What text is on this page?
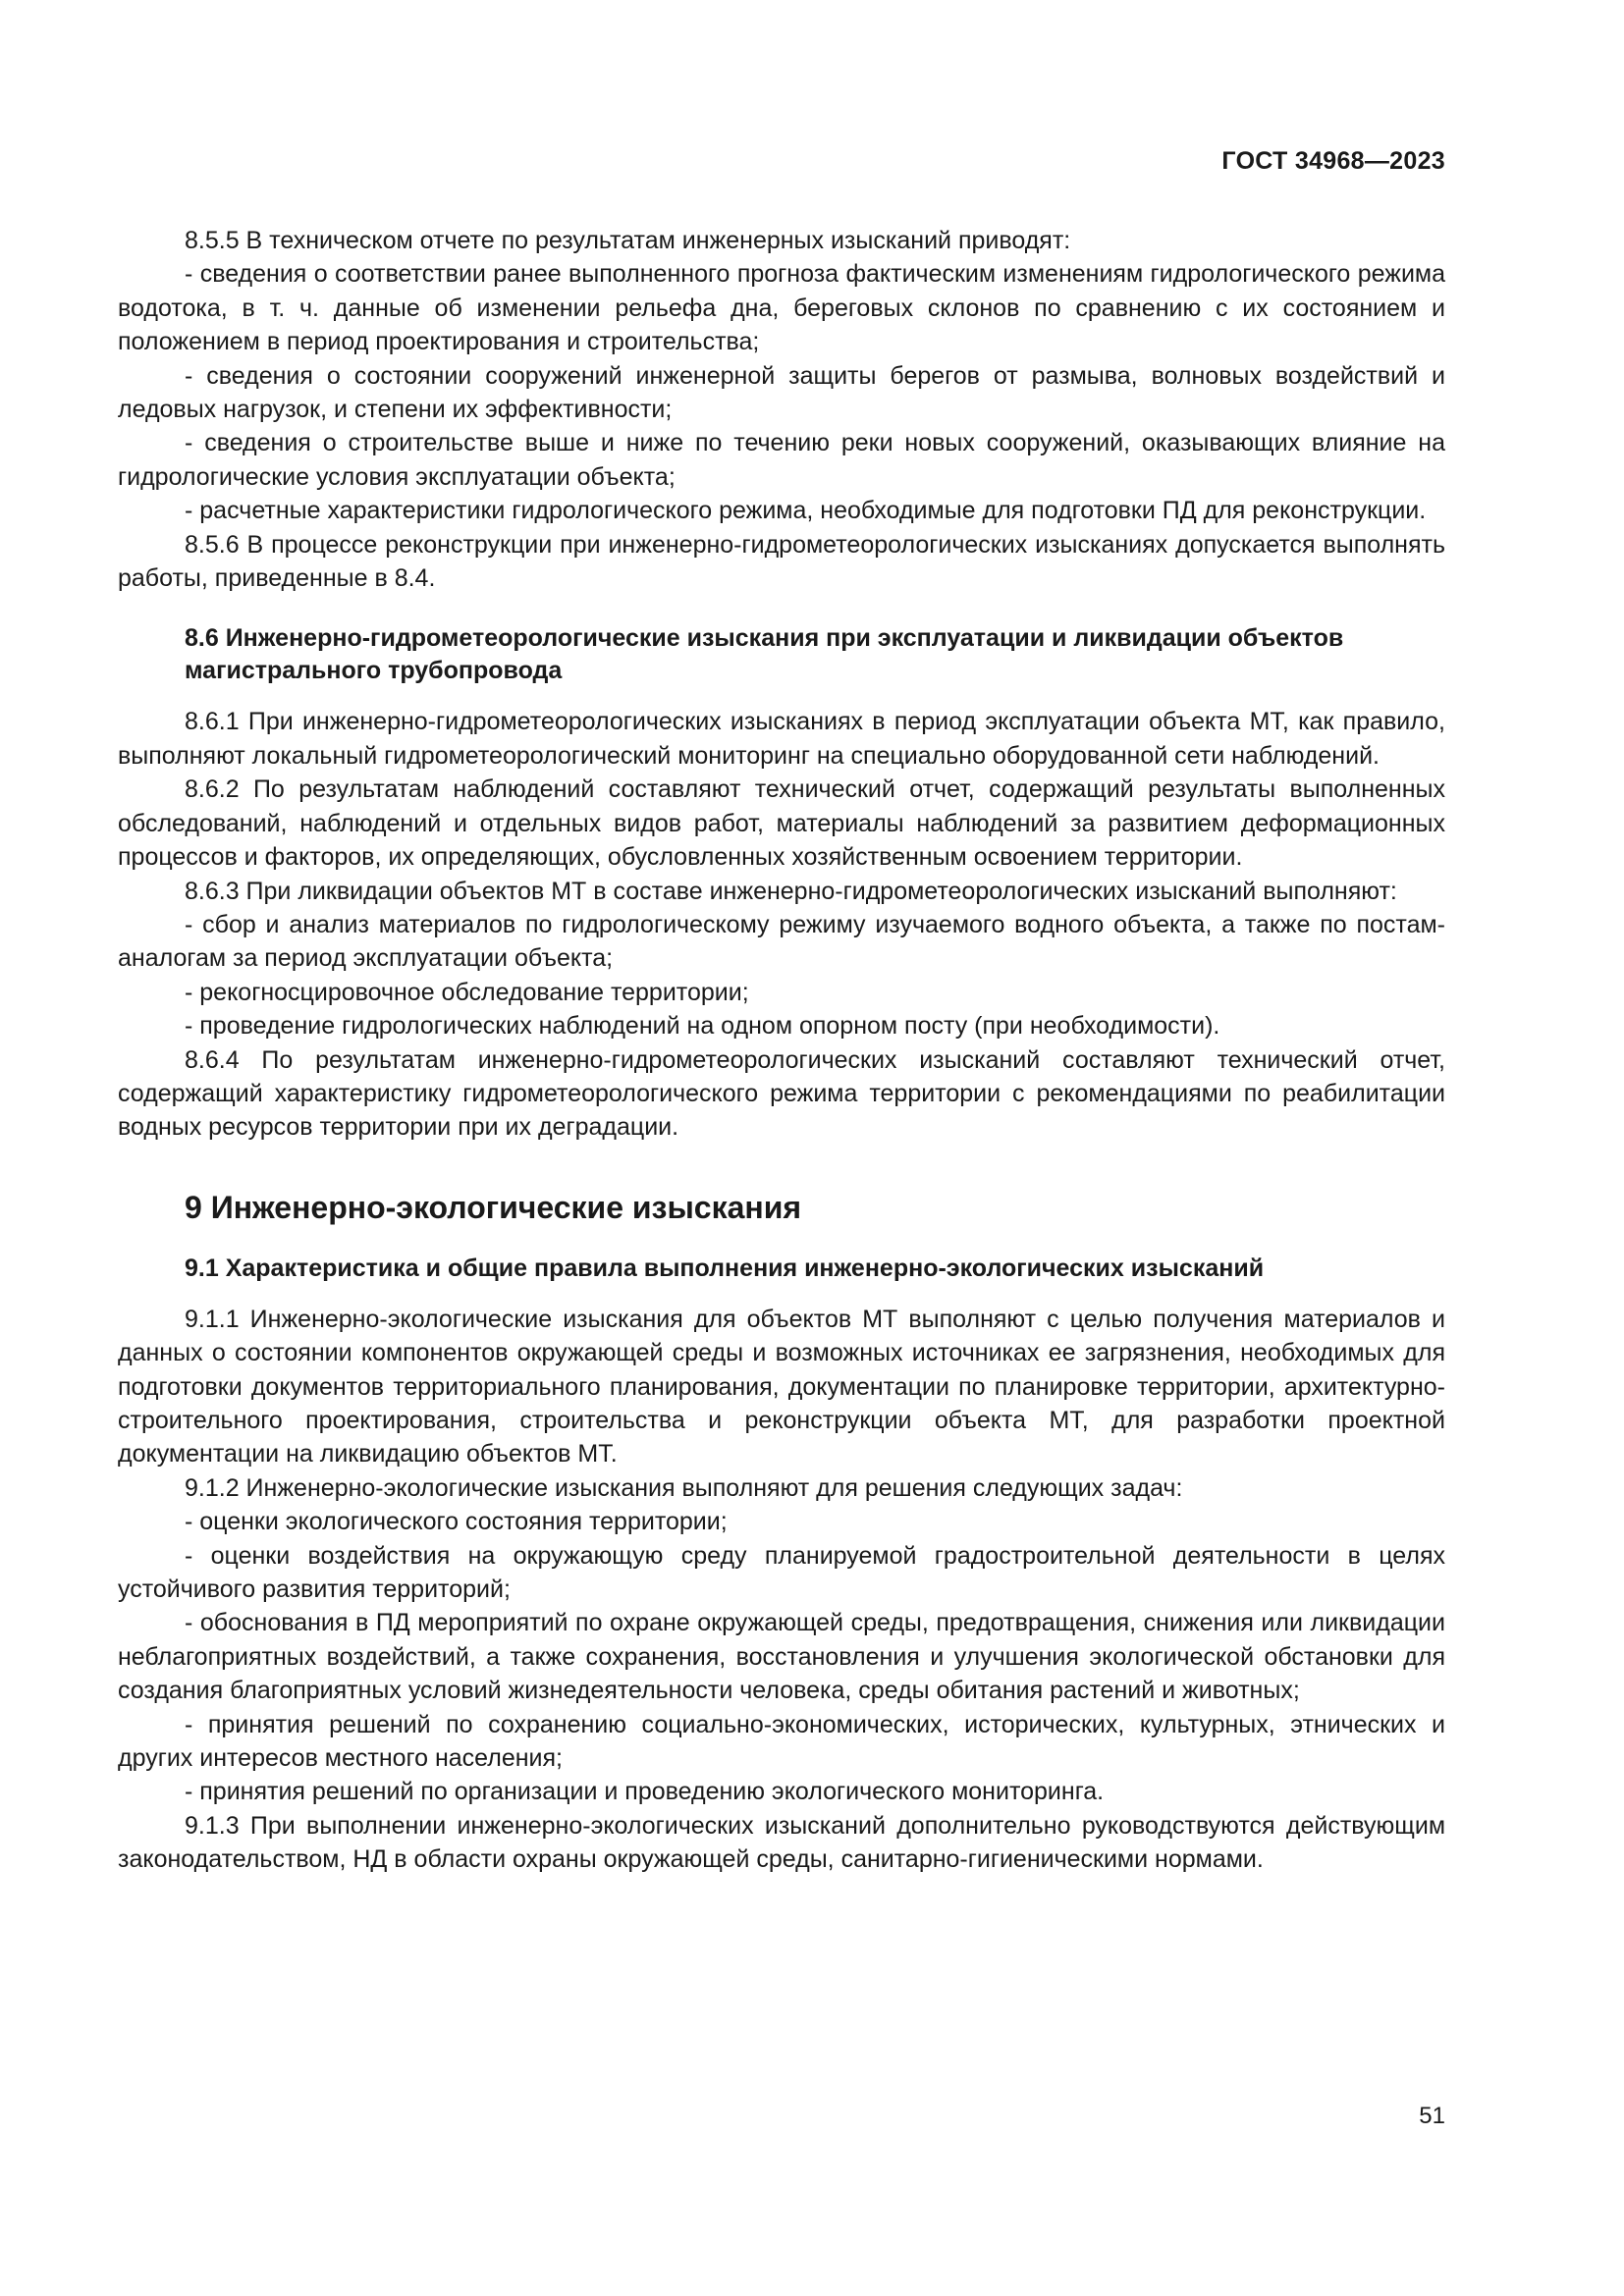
ГОСТ 34968—2023

8.5.5 В техническом отчете по результатам инженерных изысканий приводят:

- сведения о соответствии ранее выполненного прогноза фактическим изменениям гидрологического режима водотока, в т. ч. данные об изменении рельефа дна, береговых склонов по сравнению с их состоянием и положением в период проектирования и строительства;

- сведения о состоянии сооружений инженерной защиты берегов от размыва, волновых воздействий и ледовых нагрузок, и степени их эффективности;

- сведения о строительстве выше и ниже по течению реки новых сооружений, оказывающих влияние на гидрологические условия эксплуатации объекта;

- расчетные характеристики гидрологического режима, необходимые для подготовки ПД для реконструкции.

8.5.6 В процессе реконструкции при инженерно-гидрометеорологических изысканиях допускается выполнять работы, приведенные в 8.4.

8.6 Инженерно-гидрометеорологические изыскания при эксплуатации и ликвидации объектов магистрального трубопровода

8.6.1 При инженерно-гидрометеорологических изысканиях в период эксплуатации объекта МТ, как правило, выполняют локальный гидрометеорологический мониторинг на специально оборудованной сети наблюдений.

8.6.2 По результатам наблюдений составляют технический отчет, содержащий результаты выполненных обследований, наблюдений и отдельных видов работ, материалы наблюдений за развитием деформационных процессов и факторов, их определяющих, обусловленных хозяйственным освоением территории.

8.6.3 При ликвидации объектов МТ в составе инженерно-гидрометеорологических изысканий выполняют:

- сбор и анализ материалов по гидрологическому режиму изучаемого водного объекта, а также по постам-аналогам за период эксплуатации объекта;

- рекогносцировочное обследование территории;

- проведение гидрологических наблюдений на одном опорном посту (при необходимости).

8.6.4 По результатам инженерно-гидрометеорологических изысканий составляют технический отчет, содержащий характеристику гидрометеорологического режима территории с рекомендациями по реабилитации водных ресурсов территории при их деградации.

9 Инженерно-экологические изыскания
9.1 Характеристика и общие правила выполнения инженерно-экологических изысканий

9.1.1 Инженерно-экологические изыскания для объектов МТ выполняют с целью получения материалов и данных о состоянии компонентов окружающей среды и возможных источниках ее загрязнения, необходимых для подготовки документов территориального планирования, документации по планировке территории, архитектурно-строительного проектирования, строительства и реконструкции объекта МТ, для разработки проектной документации на ликвидацию объектов МТ.

9.1.2 Инженерно-экологические изыскания выполняют для решения следующих задач:

- оценки экологического состояния территории;

- оценки воздействия на окружающую среду планируемой градостроительной деятельности в целях устойчивого развития территорий;

- обоснования в ПД мероприятий по охране окружающей среды, предотвращения, снижения или ликвидации неблагоприятных воздействий, а также сохранения, восстановления и улучшения экологической обстановки для создания благоприятных условий жизнедеятельности человека, среды обитания растений и животных;

- принятия решений по сохранению социально-экономических, исторических, культурных, этнических и других интересов местного населения;

- принятия решений по организации и проведению экологического мониторинга.

9.1.3 При выполнении инженерно-экологических изысканий дополнительно руководствуются действующим законодательством, НД в области охраны окружающей среды, санитарно-гигиеническими нормами.

51
